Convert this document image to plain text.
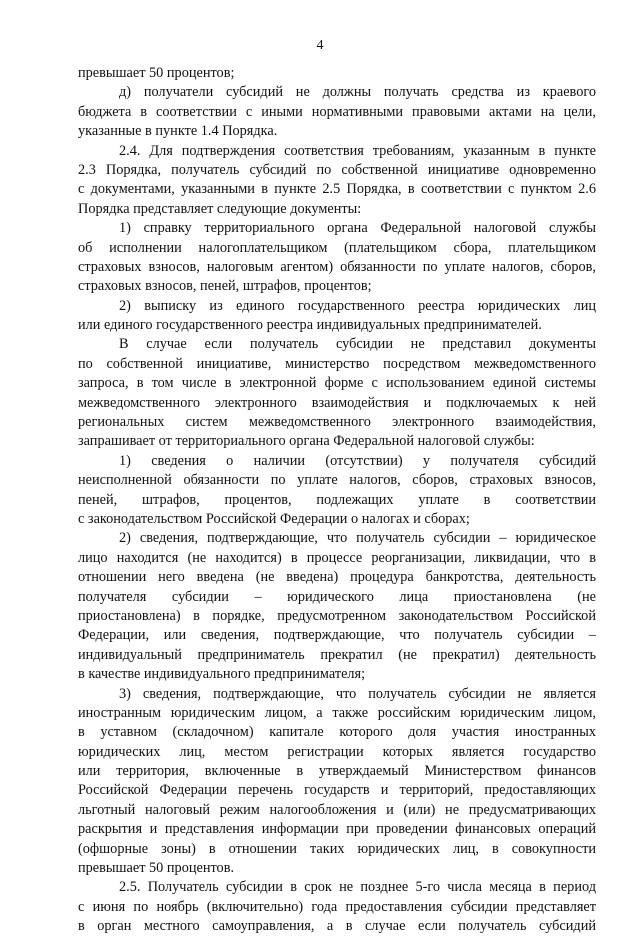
4
превышает 50 процентов;
д) получатели субсидий не должны получать средства из краевого
бюджета в соответствии с иными нормативными правовыми актами на цели,
указанные в пункте 1.4 Порядка.
2.4. Для подтверждения соответствия требованиям, указанным в пункте
2.3 Порядка, получатель субсидий по собственной инициативе одновременно
с документами, указанными в пункте 2.5 Порядка, в соответствии с пунктом 2.6
Порядка представляет следующие документы:
1) справку территориального органа Федеральной налоговой службы
об исполнении налогоплательщиком (плательщиком сбора, плательщиком
страховых взносов, налоговым агентом) обязанности по уплате налогов, сборов,
страховых взносов, пеней, штрафов, процентов;
2) выписку из единого государственного реестра юридических лиц
или единого государственного реестра индивидуальных предпринимателей.
В случае если получатель субсидии не представил документы
по собственной инициативе, министерство посредством межведомственного
запроса, в том числе в электронной форме с использованием единой системы
межведомственного электронного взаимодействия и подключаемых к ней
региональных систем межведомственного электронного взаимодействия,
запрашивает от территориального органа Федеральной налоговой службы:
1) сведения о наличии (отсутствии) у получателя субсидий
неисполненной обязанности по уплате налогов, сборов, страховых взносов,
пеней, штрафов, процентов, подлежащих уплате в соответствии
с законодательством Российской Федерации о налогах и сборах;
2) сведения, подтверждающие, что получатель субсидии – юридическое
лицо находится (не находится) в процессе реорганизации, ликвидации, что в
отношении него введена (не введена) процедура банкротства, деятельность
получателя субсидии – юридического лица приостановлена (не
приостановлена) в порядке, предусмотренном законодательством Российской
Федерации, или сведения, подтверждающие, что получатель субсидии –
индивидуальный предприниматель прекратил (не прекратил) деятельность
в качестве индивидуального предпринимателя;
3) сведения, подтверждающие, что получатель субсидии не является
иностранным юридическим лицом, а также российским юридическим лицом,
в уставном (складочном) капитале которого доля участия иностранных
юридических лиц, местом регистрации которых является государство
или территория, включенные в утверждаемый Министерством финансов
Российской Федерации перечень государств и территорий, предоставляющих
льготный налоговый режим налогообложения и (или) не предусматривающих
раскрытия и представления информации при проведении финансовых операций
(офшорные зоны) в отношении таких юридических лиц, в совокупности
превышает 50 процентов.
2.5. Получатель субсидии в срок не позднее 5-го числа месяца в период
с июня по ноябрь (включительно) года предоставления субсидии представляет
в орган местного самоуправления, а в случае если получатель субсидий
